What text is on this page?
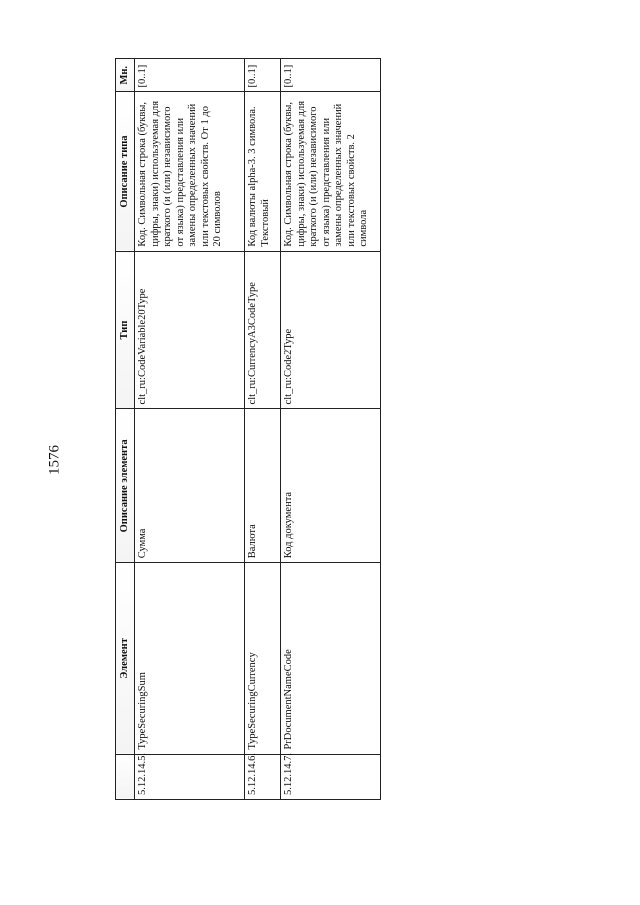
1576
	Элемент	Описание элемента	Тип	Описание типа	Мн.
5.12.14.5.	TypeSecuringSum	Сумма	clt_ru:CodeVariable20Type	Код. Символьная строка (буквы, цифры, знаки) используемая для краткого (и (или) независимого от языка) представления или замены определенных значений или текстовых свойств. От 1 до 20 символов	[0..1]
5.12.14.6.	TypeSecuringCurrency	Валюта	clt_ru:CurrencyA3CodeType	Код валюты alpha-3. 3 символа. Текстовый	[0..1]
5.12.14.7.	PrDocumentNameCode	Код документа	clt_ru:Code2Type	Код. Символьная строка (буквы, цифры, знаки) используемая для краткого (и (или) независимого от языка) представления или замены определенных значений или текстовых свойств. 2 символа	[0..1]
